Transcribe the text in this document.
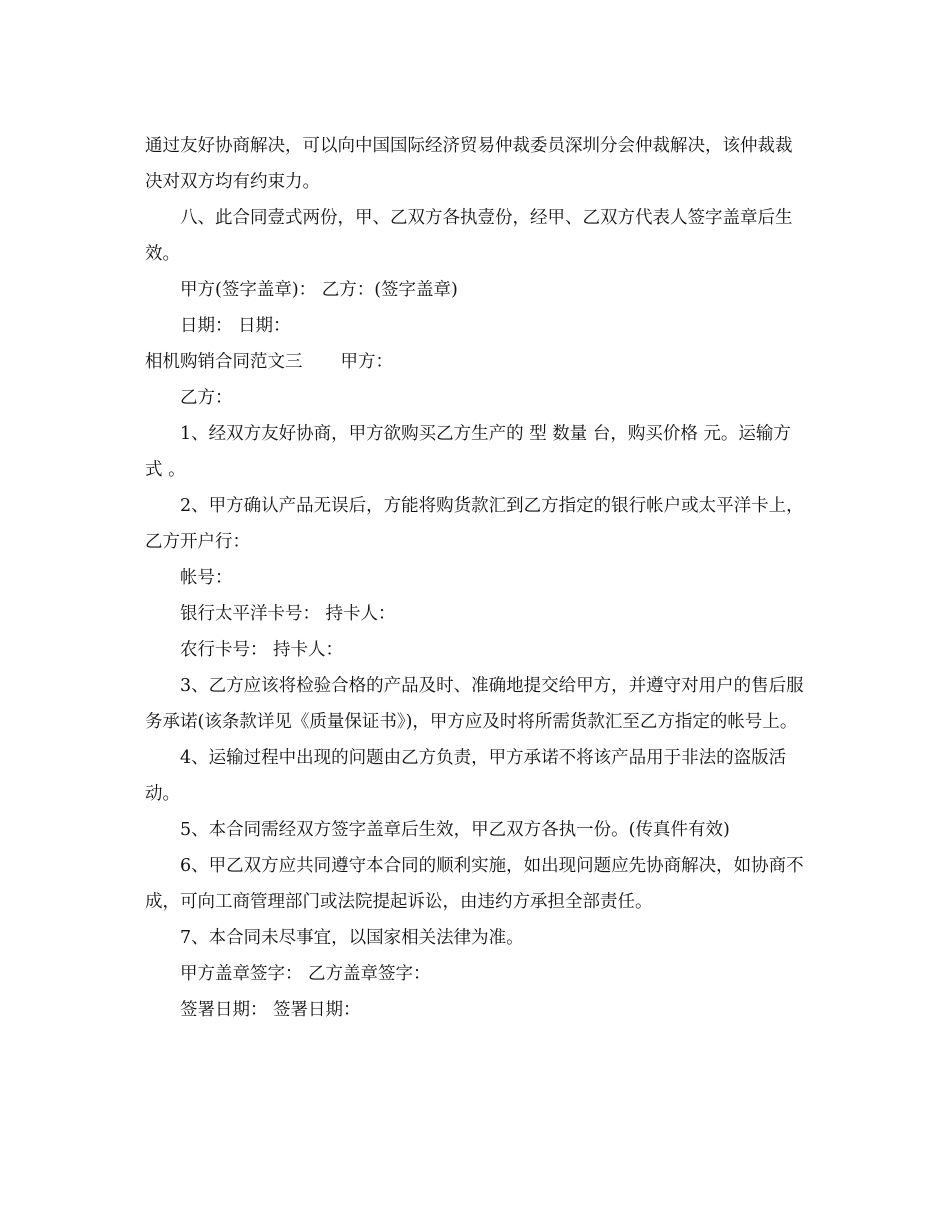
通过友好协商解决，可以向中国国际经济贸易仲裁委员深圳分会仲裁解决，该仲裁裁决对双方均有约束力。

八、此合同壹式两份，甲、乙双方各执壹份，经甲、乙双方代表人签字盖章后生效。

甲方(签字盖章)： 乙方：(签字盖章)

日期： 日期：

相机购销合同范文三 甲方：

乙方：

1、经双方友好协商，甲方欲购买乙方生产的 型 数量 台，购买价格 元。运输方式 。

2、甲方确认产品无误后，方能将购货款汇到乙方指定的银行帐户或太平洋卡上，乙方开户行：

帐号：

银行太平洋卡号： 持卡人：

农行卡号： 持卡人：

3、乙方应该将检验合格的产品及时、准确地提交给甲方，并遵守对用户的售后服务承诺(该条款详见《质量保证书》)，甲方应及时将所需货款汇至乙方指定的帐号上。

4、运输过程中出现的问题由乙方负责，甲方承诺不将该产品用于非法的盗版活动。

5、本合同需经双方签字盖章后生效，甲乙双方各执一份。(传真件有效)

6、甲乙双方应共同遵守本合同的顺利实施，如出现问题应先协商解决，如协商不成，可向工商管理部门或法院提起诉讼，由违约方承担全部责任。

7、本合同未尽事宜，以国家相关法律为准。

甲方盖章签字： 乙方盖章签字：

签署日期： 签署日期：
